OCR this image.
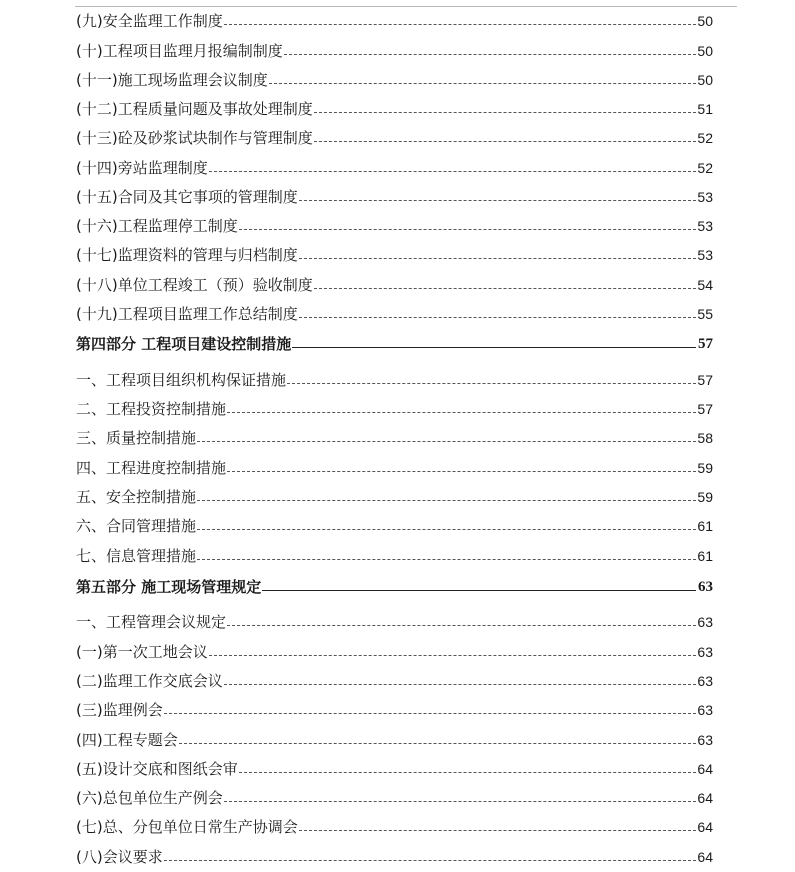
(九)安全监理工作制度	50
(十)工程项目监理月报编制制度	50
(十一)施工现场监理会议制度	50
(十二)工程质量问题及事故处理制度	51
(十三)砼及砂浆试块制作与管理制度	52
(十四)旁站监理制度	52
(十五)合同及其它事项的管理制度	53
(十六)工程监理停工制度	53
(十七)监理资料的管理与归档制度	53
(十八)单位工程竣工（预）验收制度	54
(十九)工程项目监理工作总结制度	55
第四部分 工程项目建设控制措施	57
一、工程项目组织机构保证措施	57
二、工程投资控制措施	57
三、质量控制措施	58
四、工程进度控制措施	59
五、安全控制措施	59
六、合同管理措施	61
七、信息管理措施	61
第五部分 施工现场管理规定	63
一、工程管理会议规定	63
(一)第一次工地会议	63
(二)监理工作交底会议	63
(三)监理例会	63
(四)工程专题会	63
(五)设计交底和图纸会审	64
(六)总包单位生产例会	64
(七)总、分包单位日常生产协调会	64
(八)会议要求	64
